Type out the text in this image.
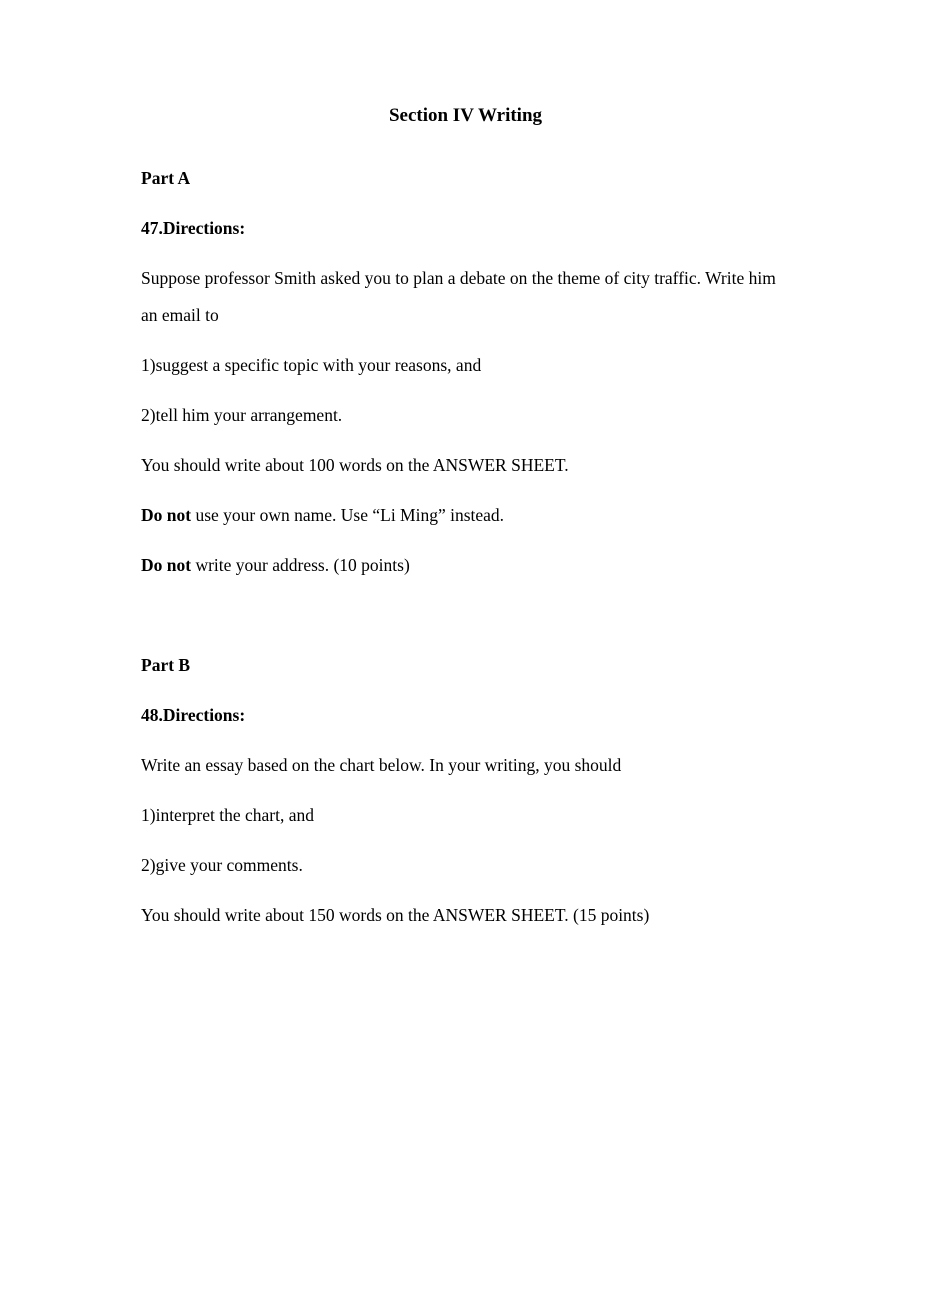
Section IV Writing

Part A

47.Directions:

Suppose professor Smith asked you to plan a debate on the theme of city traffic. Write him an email to

1)suggest a specific topic with your reasons, and

2)tell him your arrangement.

You should write about 100 words on the ANSWER SHEET.

Do not use your own name. Use “Li Ming” instead.

Do not write your address. (10 points)

Part B

48.Directions:

Write an essay based on the chart below. In your writing, you should

1)interpret the chart, and

2)give your comments.

You should write about 150 words on the ANSWER SHEET. (15 points)
